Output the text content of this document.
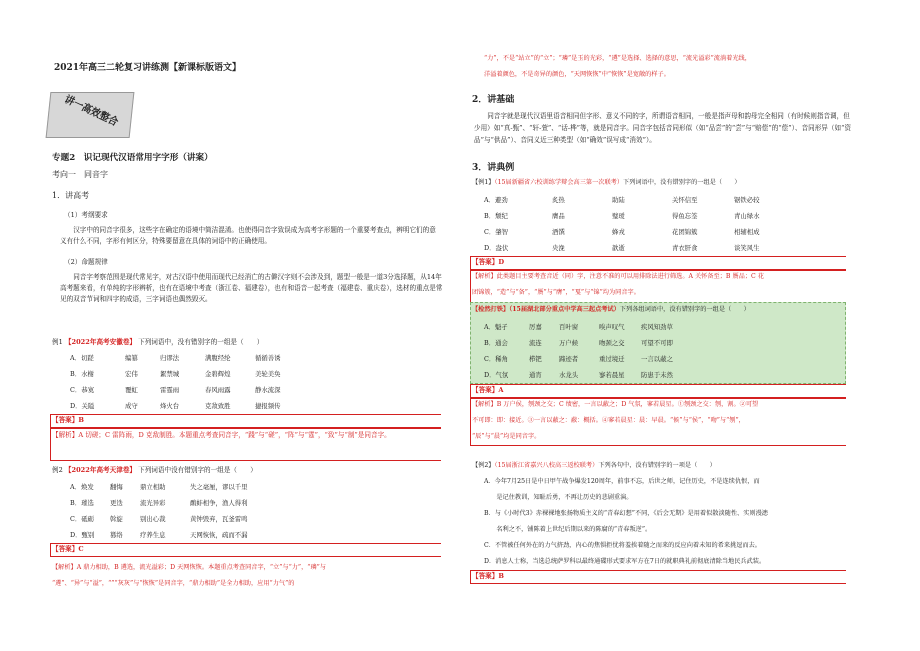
2021年高三二轮复习讲练测【新课标版语文】
讲一高效整合
专题2　识记现代汉语常用字字形（讲案）
考向一　同音字
1．讲高考
（1）考纲要求
汉字中的同音字很多，这些字在确定的语境中简洁混淆。也使得同音字致误成为高考字形题的一个重要考查点，辨明它们的意义有什么不同，字形有何区分，特殊要留意在具体的词语中的正确使用。
（2）命题规律
同音字考察范围是现代常见字，对古汉语中使用而现代已经消亡的古僻汉字则不会涉及到，题型一般是一道3分选择题，从14年高考题来看，有单纯的字形辨析，也有在语境中考查（浙江卷、福建卷），也有和语音一起考查（福建卷、重庆卷），选材的重点是常见的双音节词和四字的成语，三字词语也偶然毁灭。
例1 【2022年高考安徽卷】 下列词语中，没有错别字的一组是（　　）
A．切蹉	编纂	归谬法	满腹经纶	循循善诱
B．水榭	宏伟	絮禁城	金碧辉煌	美轮美奂
C．恭寞	覆虹	雷霆雨	春风雨露	静水流深
D．关隘	成守	烽火台	克敌致胜	捷报频传
【答案】B
【解析】A 切磋；C 雷阵雨，D 克敌制胜。本题重点考查同音字，“踐”与“磋”，“阵”与“霆”，“致”与“制”是同音字。
例2 【2022年高考天津卷】 下列词语中没有错别字的一组是（　　）
A．焕发	翻悔	鼎立相助	失之毫厘，谬以千里
B．璀选	更迭	流光异彩	鹬蚌相争，渔人得利
C．砥砺 斡旋	别出心裁	黄钟毁弃，瓦釜雷鸣
D．甄别 篡络	疗养生息	天网恢恢，疏而不漏
【答案】C
【解析】A 鼎力相助，B 遴选，流光溢彩；D 天网恢恢。本题重点考查同音字，“立”与“力”，“璘”与
“遴”、“异”与“溢”，“”“灰灰”与“恢恢”是同音字，“鼎力相助”是全力相助，应用“力气”的
“力”，不是“站立”的“立”；“璘”是玉的光彩，“遴”是选择、选择的意思，“流光溢彩”流淌着光线，
洋溢着颜色，不是奇异的颜色，“天网恢恢”中“恢恢”是宽敞的样子。
2．讲基础
同音字就是现代汉语里语音相同但字形、意义不同的字，所谓语音相同，一般是指声母和韵母完全相同（有时候则指音调，但少用）如“真-甄”、“轩-萱”、“话-桦”等，就是同音字。同音字包括音同形似（如“品尝”的“尝”与“赔偿”的“偿”）、音同形异（如“资品”与“供品”）、音同义近三种类型（如“确效”误写成“消效”）。
3．讲典例
【例1】（15届新疆省六校训练学辩会高三第一次联考）下列词语中，没有错别字的一组是（　　）
A．避劲	炙热	助陆	关怀信至	锯铁必较
B．颓纪	膺品	璧瑷	得鱼忘筌	青山绿水
C．肇智	酒馔	蜂戎	花团锦簇	相辅相成
D．盎伏	央浼	歆逝	青衣肝食	谈笑风生
【答案】D
【解析】此类题目主要考查音近（同）字，注意不准的可以用排除法进行筛选。A 关怀备至；B 赝品；C 花
团锦簇，“造”与“备”，“赝”与“膺”，“戛”与“锦”均为同音字。
【检然打铁】（15届湖北部分重点中学高三起点考试）下列各组词语中，没有错别字的一组是（　　）
A．魁孑	厉嘉	百叶窗	唉声叹气	疾风知劲草
B．通会	流连	万户候	吻颈之交	可望不可即
C．稀角	栉钯	蹄迹者	重过境迁	一言以蔽之
D．气氛	通宵	水龙头	寥若晨星	防患于未然
【答案】A
【解析】B 万户侯，刎颈之交；C 绩密，一言以蔽之；D 气氛，寥若晨星。①刎颈之交：刎，割。②可望
不可即：即：接近。③一言以蔽之：蔽：概括。④寥若晨星：晨：早晨。“候”与“侯”，“吻”与“刎”，
“辰”与“晨”均是同音字。
【例2】（15届浙江省嘉兴八校高三返校联考）下列各句中，没有错别字的一项是（　　）
A．今年7月25日是中日甲午战争爆发120周年，前事不忘，后世之师，记住历史，不是连续仇恨，而
　　是记住教训，知耻后勇，不再让历史的悲剧重演。
B．与《小时代3》赤裸裸地张扬物质主义的“青春幻想”不同，《后会无期》是用着似散淡随性、实则漫漶
　　名利之不，铺陈着上世纪后期以来的陈腐的“青春叛逆”。
C．不管被任何外在的力气挤劲，内心的焦惧拒忧将羞挨着随之而来的反应向着未知的希来挑逗而去。
D．消息人士称，当选总统萨罗科以最终通碟形式要求军方在7日的就职典礼前彻底清除当地民兵武装。
【答案】B
